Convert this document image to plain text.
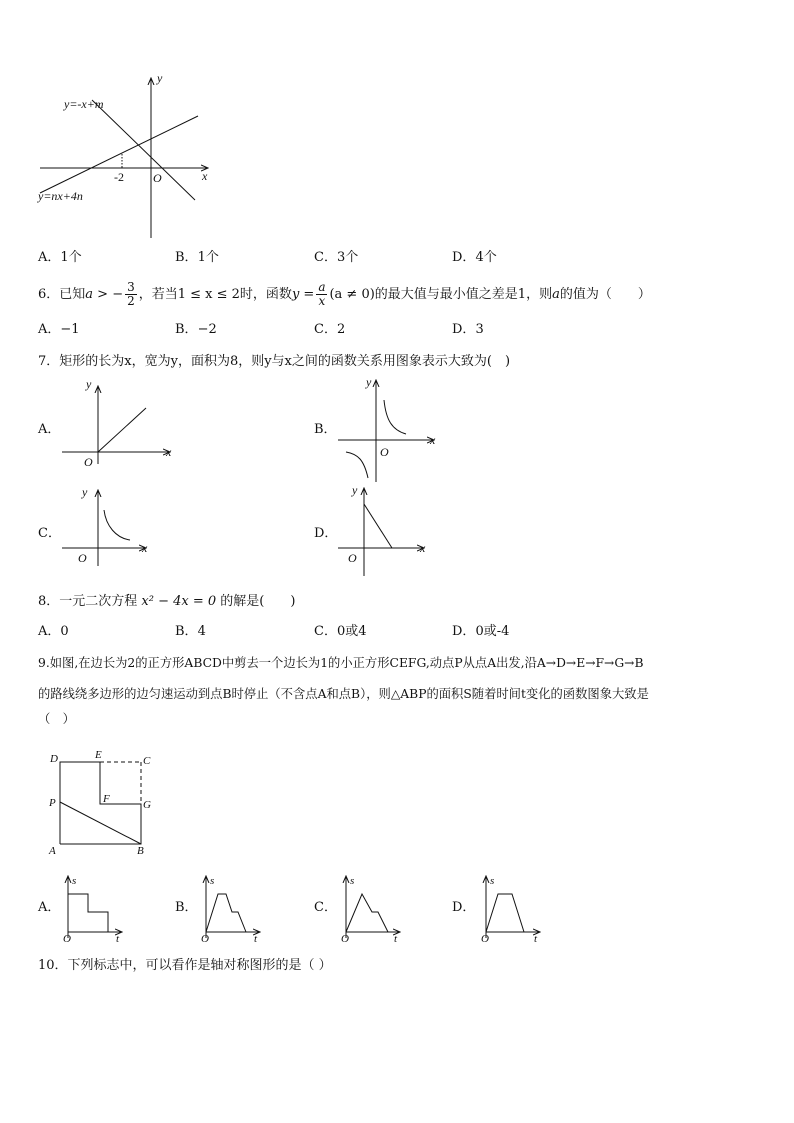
y=-x+m
y=nx+4n
x
y
O
-2
A．1个	B．1个	C．3个	D．4个
6．已知a > − $\frac{3}{2}$ ，若当1 ≤ x ≤ 2时，函数$y = \frac{a}{x} (a \ne 0)$的最大值与最小值之差是1，则a的值为（　　）
A．−1	B．−2	C．2	D．3
7．矩形的长为x，宽为y，面积为8，则y与x之间的函数关系用图象表示大致为(　)
A．
y
x
O
B．
y
x
O
C．
y
x
O
D．
y
x
O
8．一元二次方程 x² − 4x = 0 的解是(　　)
A．0	B．4	C．0或4	D．0或-4
9.如图,在边长为2的正方形ABCD中剪去一个边长为1的小正方形CEFG,动点P从点A出发,沿A→D→E→F→G→B
的路线绕多边形的边匀速运动到点B时停止（不含点A和点B），则△ABP的面积S随着时间t变化的函数图象大致是
（　）
D	E	C
P	F	G
A	B
A．
s
t
O
B．
s
t
O
C．
s
t
O
D．
s
t
O
10．下列标志中，可以看作是轴对称图形的是（ ）
